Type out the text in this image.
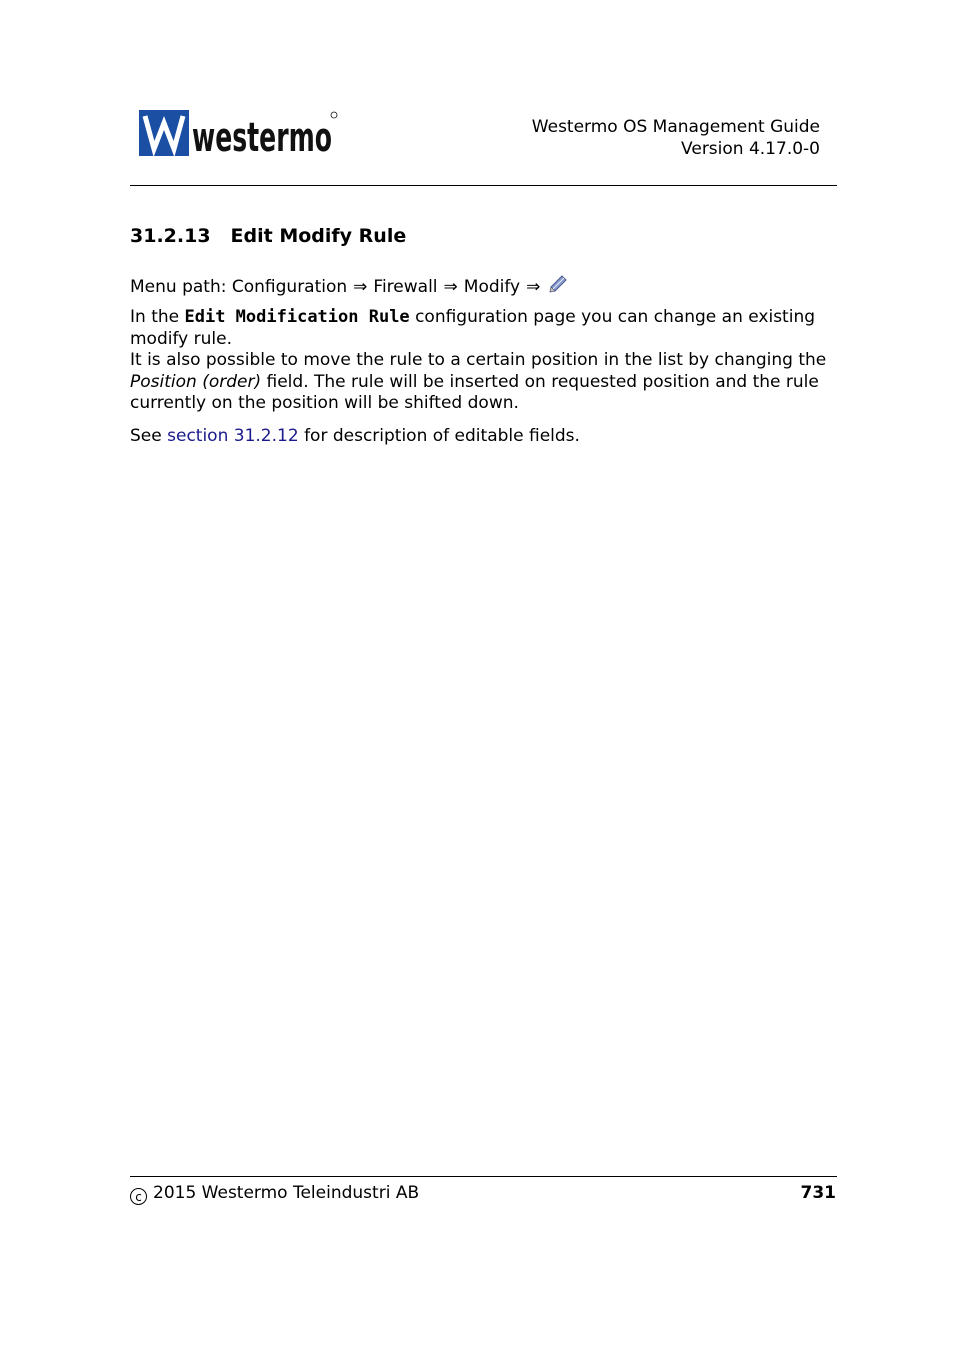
westermo	Westermo OS Management Guide
Version 4.17.0-0
31.2.13 Edit Modify Rule
Menu path: Configuration ⇒ Firewall ⇒ Modify ⇒
In the Edit Modification Rule configuration page you can change an existing modify rule.
It is also possible to move the rule to a certain position in the list by changing the Position (order) field. The rule will be inserted on requested position and the rule currently on the position will be shifted down.
See section 31.2.12 for description of editable fields.
c 2015 Westermo Teleindustri AB	731
